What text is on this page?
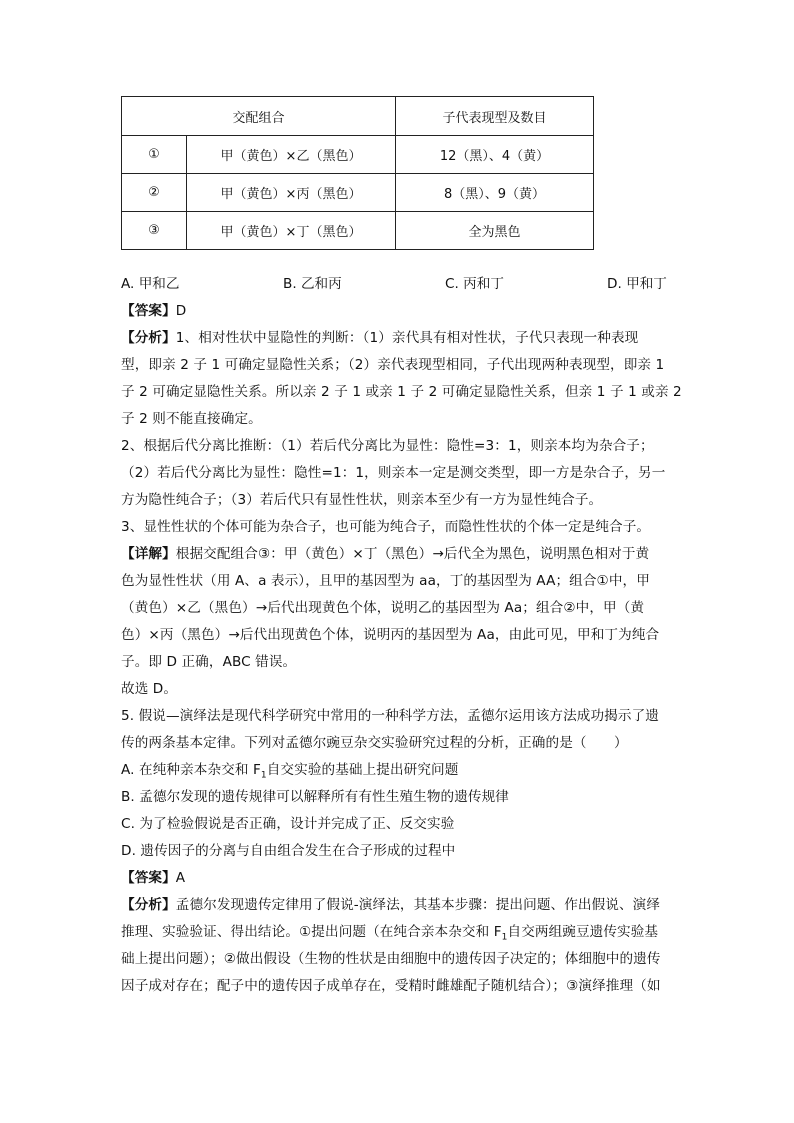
交配组合		子代表现型及数目
①	甲（黄色）×乙（黑色）	12（黑）、4（黄）
②	甲（黄色）×丙（黑色）	8（黑）、9（黄）
③	甲（黄色）×丁（黑色）	全为黑色
A. 甲和乙	B. 乙和丙	C. 丙和丁	D. 甲和丁
【答案】D
【分析】1、相对性状中显隐性的判断：（1）亲代具有相对性状，子代只表现一种表现
型，即亲 2 子 1 可确定显隐性关系；（2）亲代表现型相同，子代出现两种表现型，即亲 1
子 2 可确定显隐性关系。所以亲 2 子 1 或亲 1 子 2 可确定显隐性关系，但亲 1 子 1 或亲 2
子 2 则不能直接确定。
2、根据后代分离比推断：（1）若后代分离比为显性：隐性=3：1，则亲本均为杂合子；
（2）若后代分离比为显性：隐性=1：1，则亲本一定是测交类型，即一方是杂合子，另一
方为隐性纯合子；（3）若后代只有显性性状，则亲本至少有一方为显性纯合子。
3、显性性状的个体可能为杂合子，也可能为纯合子，而隐性性状的个体一定是纯合子。
【详解】根据交配组合③：甲（黄色）×丁（黑色）→后代全为黑色，说明黑色相对于黄
色为显性性状（用 A、a 表示），且甲的基因型为 aa，丁的基因型为 AA；组合①中，甲
（黄色）×乙（黑色）→后代出现黄色个体，说明乙的基因型为 Aa；组合②中，甲（黄
色）×丙（黑色）→后代出现黄色个体，说明丙的基因型为 Aa，由此可见，甲和丁为纯合
子。即 D 正确，ABC 错误。
故选 D。
5. 假说—演绎法是现代科学研究中常用的一种科学方法，孟德尔运用该方法成功揭示了遗
传的两条基本定律。下列对孟德尔豌豆杂交实验研究过程的分析，正确的是（　　）
A. 在纯种亲本杂交和 $F_1$自交实验的基础上提出研究问题
B. 孟德尔发现的遗传规律可以解释所有有性生殖生物的遗传规律
C. 为了检验假说是否正确，设计并完成了正、反交实验
D. 遗传因子的分离与自由组合发生在合子形成的过程中
【答案】A
【分析】孟德尔发现遗传定律用了假说-演绎法，其基本步骤：提出问题、作出假说、演绎
推理、实验验证、得出结论。①提出问题（在纯合亲本杂交和 $F_1$自交两组豌豆遗传实验基
础上提出问题）；②做出假设（生物的性状是由细胞中的遗传因子决定的；体细胞中的遗传
因子成对存在；配子中的遗传因子成单存在，受精时雌雄配子随机结合）；③演绎推理（如
